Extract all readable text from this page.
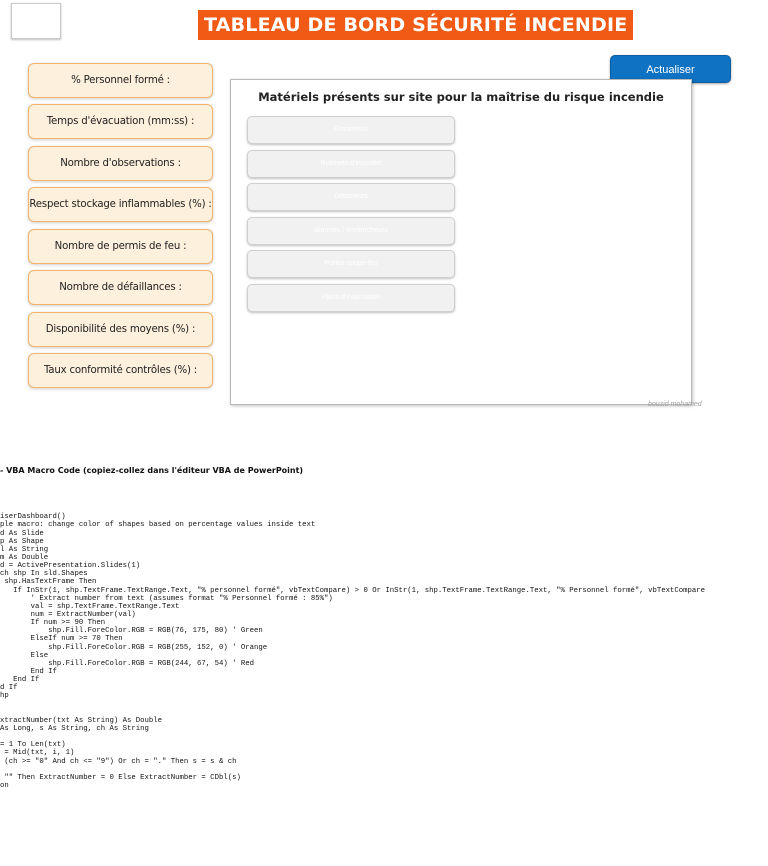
TABLEAU DE BORD SÉCURITÉ INCENDIE
Actualiser
% Personnel formé :
Temps d'évacuation (mm:ss) :
Nombre d'observations :
Respect stockage inflammables (%) :
Nombre de permis de feu :
Nombre de défaillances :
Disponibilité des moyens (%) :
Taux conformité contrôles (%) :
Matériels présents sur site pour la maîtrise du risque incendie
Extincteurs
Robinets d'incendie
Détecteurs
Alarmes / déclencheurs
Portes coupe-feu
Plans d'évacuation
bouzid mohamed
- VBA Macro Code (copiez-collez dans l'éditeur VBA de PowerPoint)
iserDashboard()
ple macro: change color of shapes based on percentage values inside text
d As Slide
p As Shape
l As String
m As Double
d = ActivePresentation.Slides(1)
ch shp In sld.Shapes
shp.HasTextFrame Then
If InStr(1, shp.TextFrame.TextRange.Text, "% personnel formé", vbTextCompare) > 0 Or InStr(1, shp.TextFrame.TextRange.Text, "% Personnel formé", vbTextCompare
' Extract number from text (assumes format "% Personnel formé : 85%")
val = shp.TextFrame.TextRange.Text
num = ExtractNumber(val)
If num >= 90 Then
shp.Fill.ForeColor.RGB = RGB(76, 175, 80) ' Green
ElseIf num >= 70 Then
shp.Fill.ForeColor.RGB = RGB(255, 152, 0) ' Orange
Else
shp.Fill.ForeColor.RGB = RGB(244, 67, 54) ' Red
End If
End If
d If
hp
xtractNumber(txt As String) As Double
As Long, s As String, ch As String
= 1 To Len(txt)
= Mid(txt, i, 1)
(ch >= "0" And ch <= "9") Or ch = "." Then s = s & ch
"" Then ExtractNumber = 0 Else ExtractNumber = CDbl(s)
on
